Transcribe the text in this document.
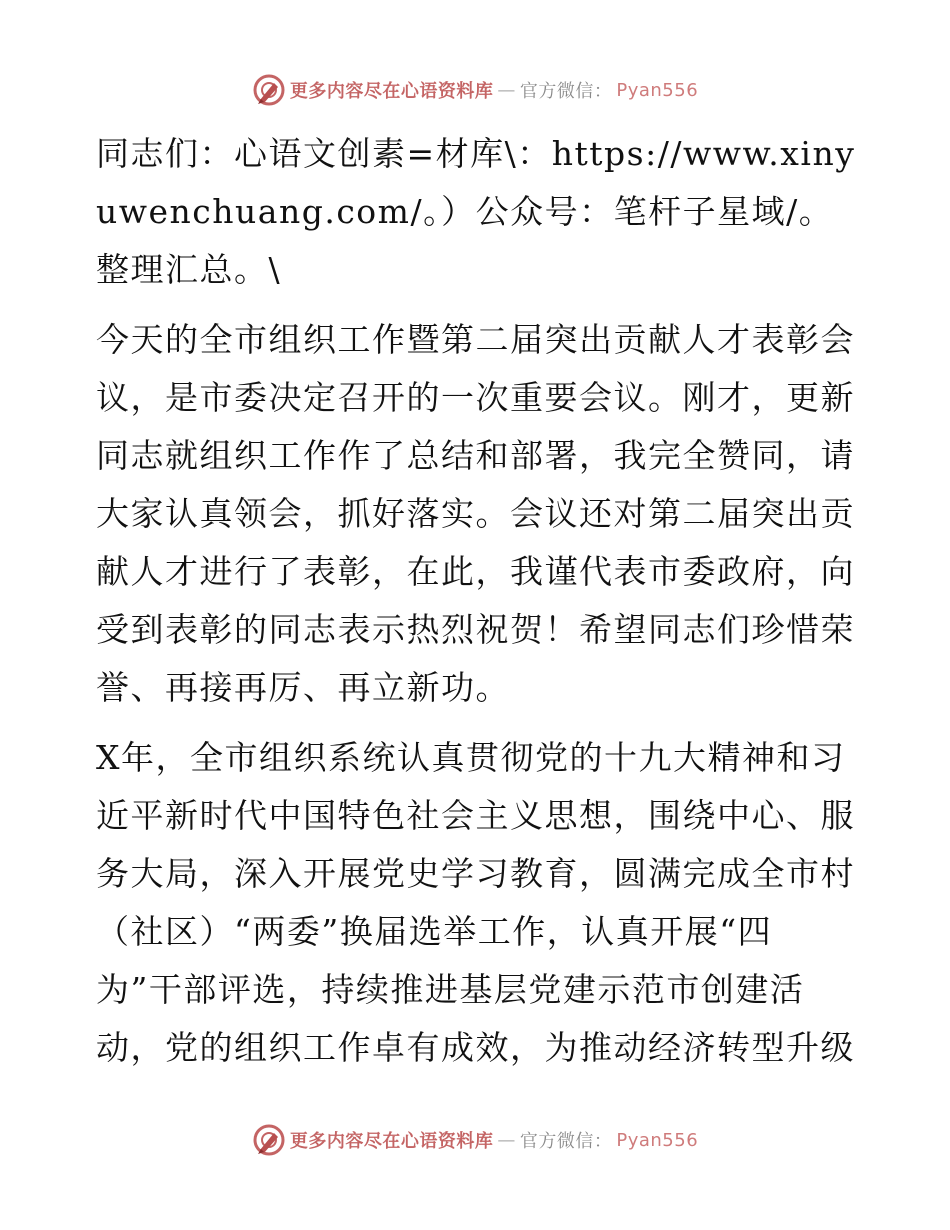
更多内容尽在心语资料库 — 官方微信 ： Pyan556

同志们：心语文创素=材库\：https://www.xinyuwenchuang.com/。）公众号：笔杆子星域/。整理汇总。\

今天的全市组织工作暨第二届突出贡献人才表彰会议，是市委决定召开的一次重要会议。刚才，更新同志就组织工作作了总结和部署，我完全赞同，请大家认真领会，抓好落实。会议还对第二届突出贡献人才进行了表彰，在此，我谨代表市委政府，向受到表彰的同志表示热烈祝贺！希望同志们珍惜荣誉、再接再厉、再立新功。

X年，全市组织系统认真贯彻党的十九大精神和习近平新时代中国特色社会主义思想，围绕中心、服务大局，深入开展党史学习教育，圆满完成全市村（社区）“两委”换届选举工作，认真开展“四为”干部评选，持续推进基层党建示范市创建活动，党的组织工作卓有成效，为推动经济转型升级

更多内容尽在心语资料库 — 官方微信 ： Pyan556
